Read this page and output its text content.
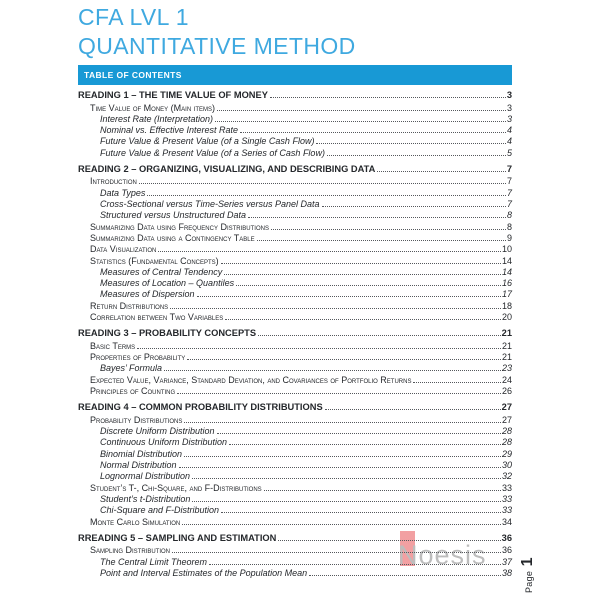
Noesis
CFA LVL 1
QUANTITATIVE METHOD
TABLE OF CONTENTS
READING 1 – THE TIME VALUE OF MONEY	3
Time Value of Money (Main items)	3
Interest Rate (Interpretation)	3
Nominal vs. Effective Interest Rate	4
Future Value & Present Value (of a Single Cash Flow)	4
Future Value & Present Value (of a Series of Cash Flow)	5
READING 2 – ORGANIZING, VISUALIZING, AND DESCRIBING DATA	7
Introduction	7
Data Types	7
Cross-Sectional versus Time-Series versus Panel Data	7
Structured versus Unstructured Data	8
Summarizing Data using Frequency Distributions	8
Summarizing Data using a Contingency Table	9
Data Visualization	10
Statistics (Fundamental Concepts)	14
Measures of Central Tendency	14
Measures of Location – Quantiles	16
Measures of Dispersion	17
Return Distributions	18
Correlation between Two Variables	20
READING 3 – PROBABILITY CONCEPTS	21
Basic Terms	21
Properties of Probability	21
Bayes’ Formula	23
Expected Value, Variance, Standard Deviation, and Covariances of Portfolio Returns	24
Principles of Counting	26
READING 4 – COMMON PROBABILITY DISTRIBUTIONS	27
Probability Distributions	27
Discrete Uniform Distribution	28
Continuous Uniform Distribution	28
Binomial Distribution	29
Normal Distribution	30
Lognormal Distribution	32
Student’s T-, Chi-Square, and F-Distributions	33
Student’s t-Distribution	33
Chi-Square and F-Distribution	33
Monte Carlo Simulation	34
RREADING 5 – SAMPLING AND ESTIMATION	36
Sampling Distribution	36
The Central Limit Theorem	37
Point and Interval Estimates of the Population Mean	38	Page 1
